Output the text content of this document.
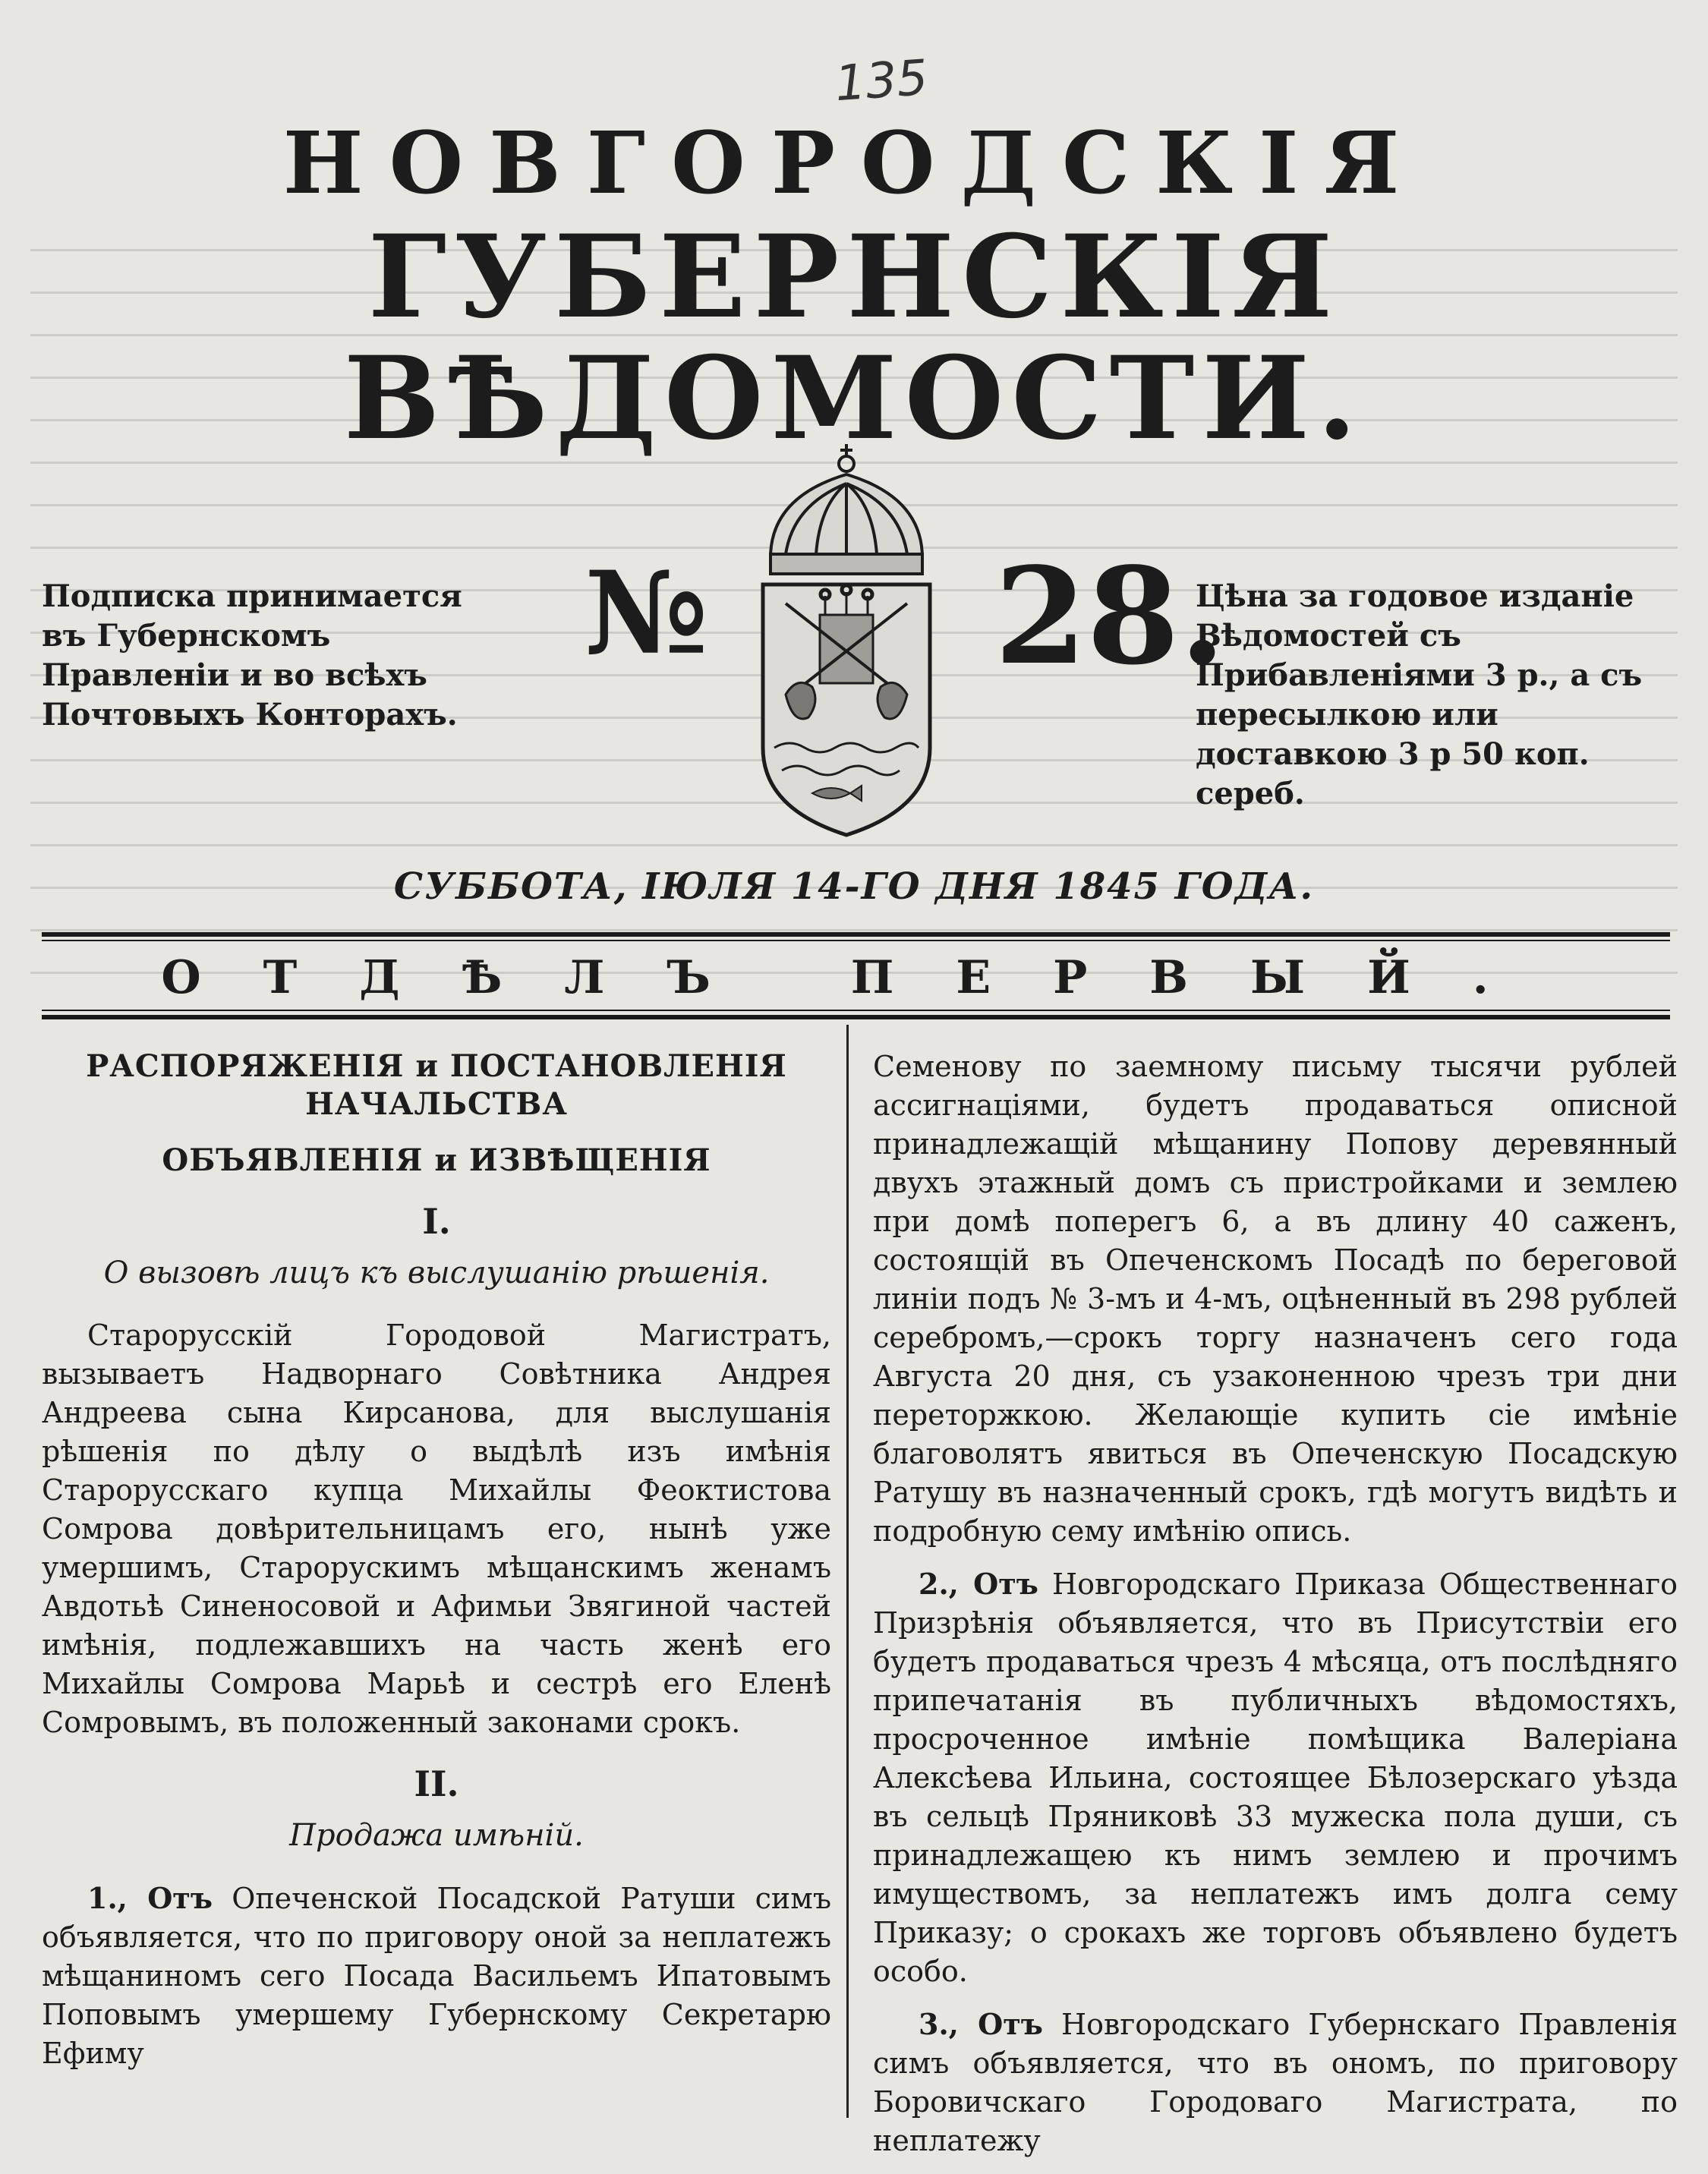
135
НОВГОРОДСКІЯ
ГУБЕРНСКІЯ ВѢДОМОСТИ.
Подписка принимается въ Губернскомъ Правленіи и во всѣхъ Почтовыхъ Конторахъ.
№ 28.
Цѣна за годовое изданіе Вѣдомостей съ Прибавленіями 3 р., а съ пересылкою или доставкою 3 р 50 коп. сереб.
СУББОТА, ІЮЛЯ 14-ГО ДНЯ 1845 ГОДА.
ОТДѢЛЪ ПЕРВЫЙ.
РАСПОРЯЖЕНІЯ и ПОСТАНОВЛЕНІЯ НАЧАЛЬСТВА
ОБЪЯВЛЕНІЯ и ИЗВѢЩЕНІЯ
I.
О вызовѣ лицъ къ выслушанію рѣшенія.

Старорусскій Городовой Магистратъ, вызываетъ Надворнаго Совѣтника Андрея Андреева сына Кирсанова, для выслушанія рѣшенія по дѣлу о выдѣлѣ изъ имѣнія Старорусскаго купца Михайлы Феоктистова Сомрова довѣрительницамъ его, нынѣ уже умершимъ, Старорускимъ мѣщанскимъ женамъ Авдотьѣ Синеносовой и Афимьи Звягиной частей имѣнія, подлежавшихъ на часть женѣ его Михайлы Сомрова Марьѣ и сестрѣ его Еленѣ Сомровымъ, въ положенный законами срокъ.

II.
Продажа имѣній.

1., Отъ Опеченской Посадской Ратуши симъ объявляется, что по приговору оной за неплатежъ мѣщаниномъ сего Посада Васильемъ Ипатовымъ Поповымъ умершему Губернскому Секретарю Ефиму

Семенову по заемному письму тысячи рублей ассигнаціями, будетъ продаваться описной принадлежащій мѣщанину Попову деревянный двухъ этажный домъ съ пристройками и землею при домѣ поперегъ 6, а въ длину 40 саженъ, состоящій въ Опеченскомъ Посадѣ по береговой линіи подъ № 3-мъ и 4-мъ, оцѣненный въ 298 рублей серебромъ,—срокъ торгу назначенъ сего года Августа 20 дня, съ узаконенною чрезъ три дни переторжкою. Желающіе купить сіе имѣніе благоволятъ явиться въ Опеченскую Посадскую Ратушу въ назначенный срокъ, гдѣ могутъ видѣть и подробную сему имѣнію опись.

2., Отъ Новгородскаго Приказа Общественнаго Призрѣнія объявляется, что въ Присутствіи его будетъ продаваться чрезъ 4 мѣсяца, отъ послѣдняго припечатанія въ публичныхъ вѣдомостяхъ, просроченное имѣніе помѣщика Валеріана Алексѣева Ильина, состоящее Бѣлозерскаго уѣзда въ сельцѣ Пряниковѣ 33 мужеска пола души, съ принадлежащею къ нимъ землею и прочимъ имуществомъ, за неплатежъ имъ долга сему Приказу; о срокахъ же торговъ объявлено будетъ особо.

3., Отъ Новгородскаго Губернскаго Правленія симъ объявляется, что въ ономъ, по приговору Боровичскаго Городоваго Магистрата, по неплатежу
